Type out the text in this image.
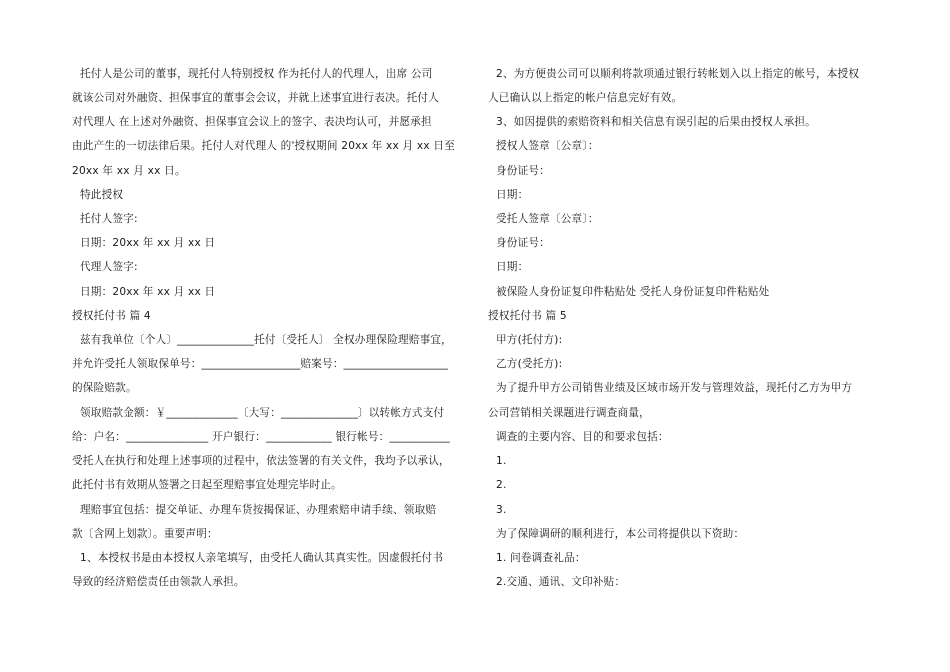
托付人是公司的董事，现托付人特别授权 作为托付人的代理人，出席 公司
就该公司对外融资、担保事宜的董事会会议，并就上述事宜进行表决。托付人
对代理人 在上述对外融资、担保事宜会议上的签字、表决均认可，并愿承担
由此产生的一切法律后果。托付人对代理人 的'授权期间 20xx 年 xx 月 xx 日至
20xx 年 xx 月 xx 日。
特此授权
托付人签字:
日期：20xx 年 xx 月 xx 日
代理人签字:
日期：20xx 年 xx 月 xx 日
授权托付书 篇 4
兹有我单位〔个人〕______________托付〔受托人〕 全权办理保险理赔事宜，
并允许受托人领取保单号：__________________赔案号：___________________
的保险赔款。
领取赔款金额：￥_____________〔大写：______________〕以转帐方式支付
给：户名：_______________ 开户银行：____________ 银行帐号：___________
受托人在执行和处理上述事项的过程中，依法签署的有关文件，我均予以承认，
此托付书有效期从签署之日起至理赔事宜处理完毕时止。
理赔事宜包括：提交单证、办理车货按揭保证、办理索赔申请手续、领取赔
款〔含网上划款〕。重要声明：
1、本授权书是由本授权人亲笔填写，由受托人确认其真实性。因虚假托付书
导致的经济赔偿责任由领款人承担。
2、为方便贵公司可以顺利将款项通过银行转帐划入以上指定的帐号，本授权
人已确认以上指定的帐户信息完好有效。
3、如因提供的索赔资料和相关信息有误引起的后果由授权人承担。
授权人签章〔公章〕：
身份证号：
日期：
受托人签章〔公章〕：
身份证号：
日期：
被保险人身份证复印件粘贴处 受托人身份证复印件粘贴处
授权托付书 篇 5
甲方(托付方):
乙方(受托方):
为了提升甲方公司销售业绩及区域市场开发与管理效益，现托付乙方为甲方
公司营销相关课题进行调查商量，
调查的主要内容、目的和要求包括：
1.
2.
3.
为了保障调研的顺利进行，本公司将提供以下资助：
1. 问卷调查礼品：
2.交通、通讯、文印补贴：
